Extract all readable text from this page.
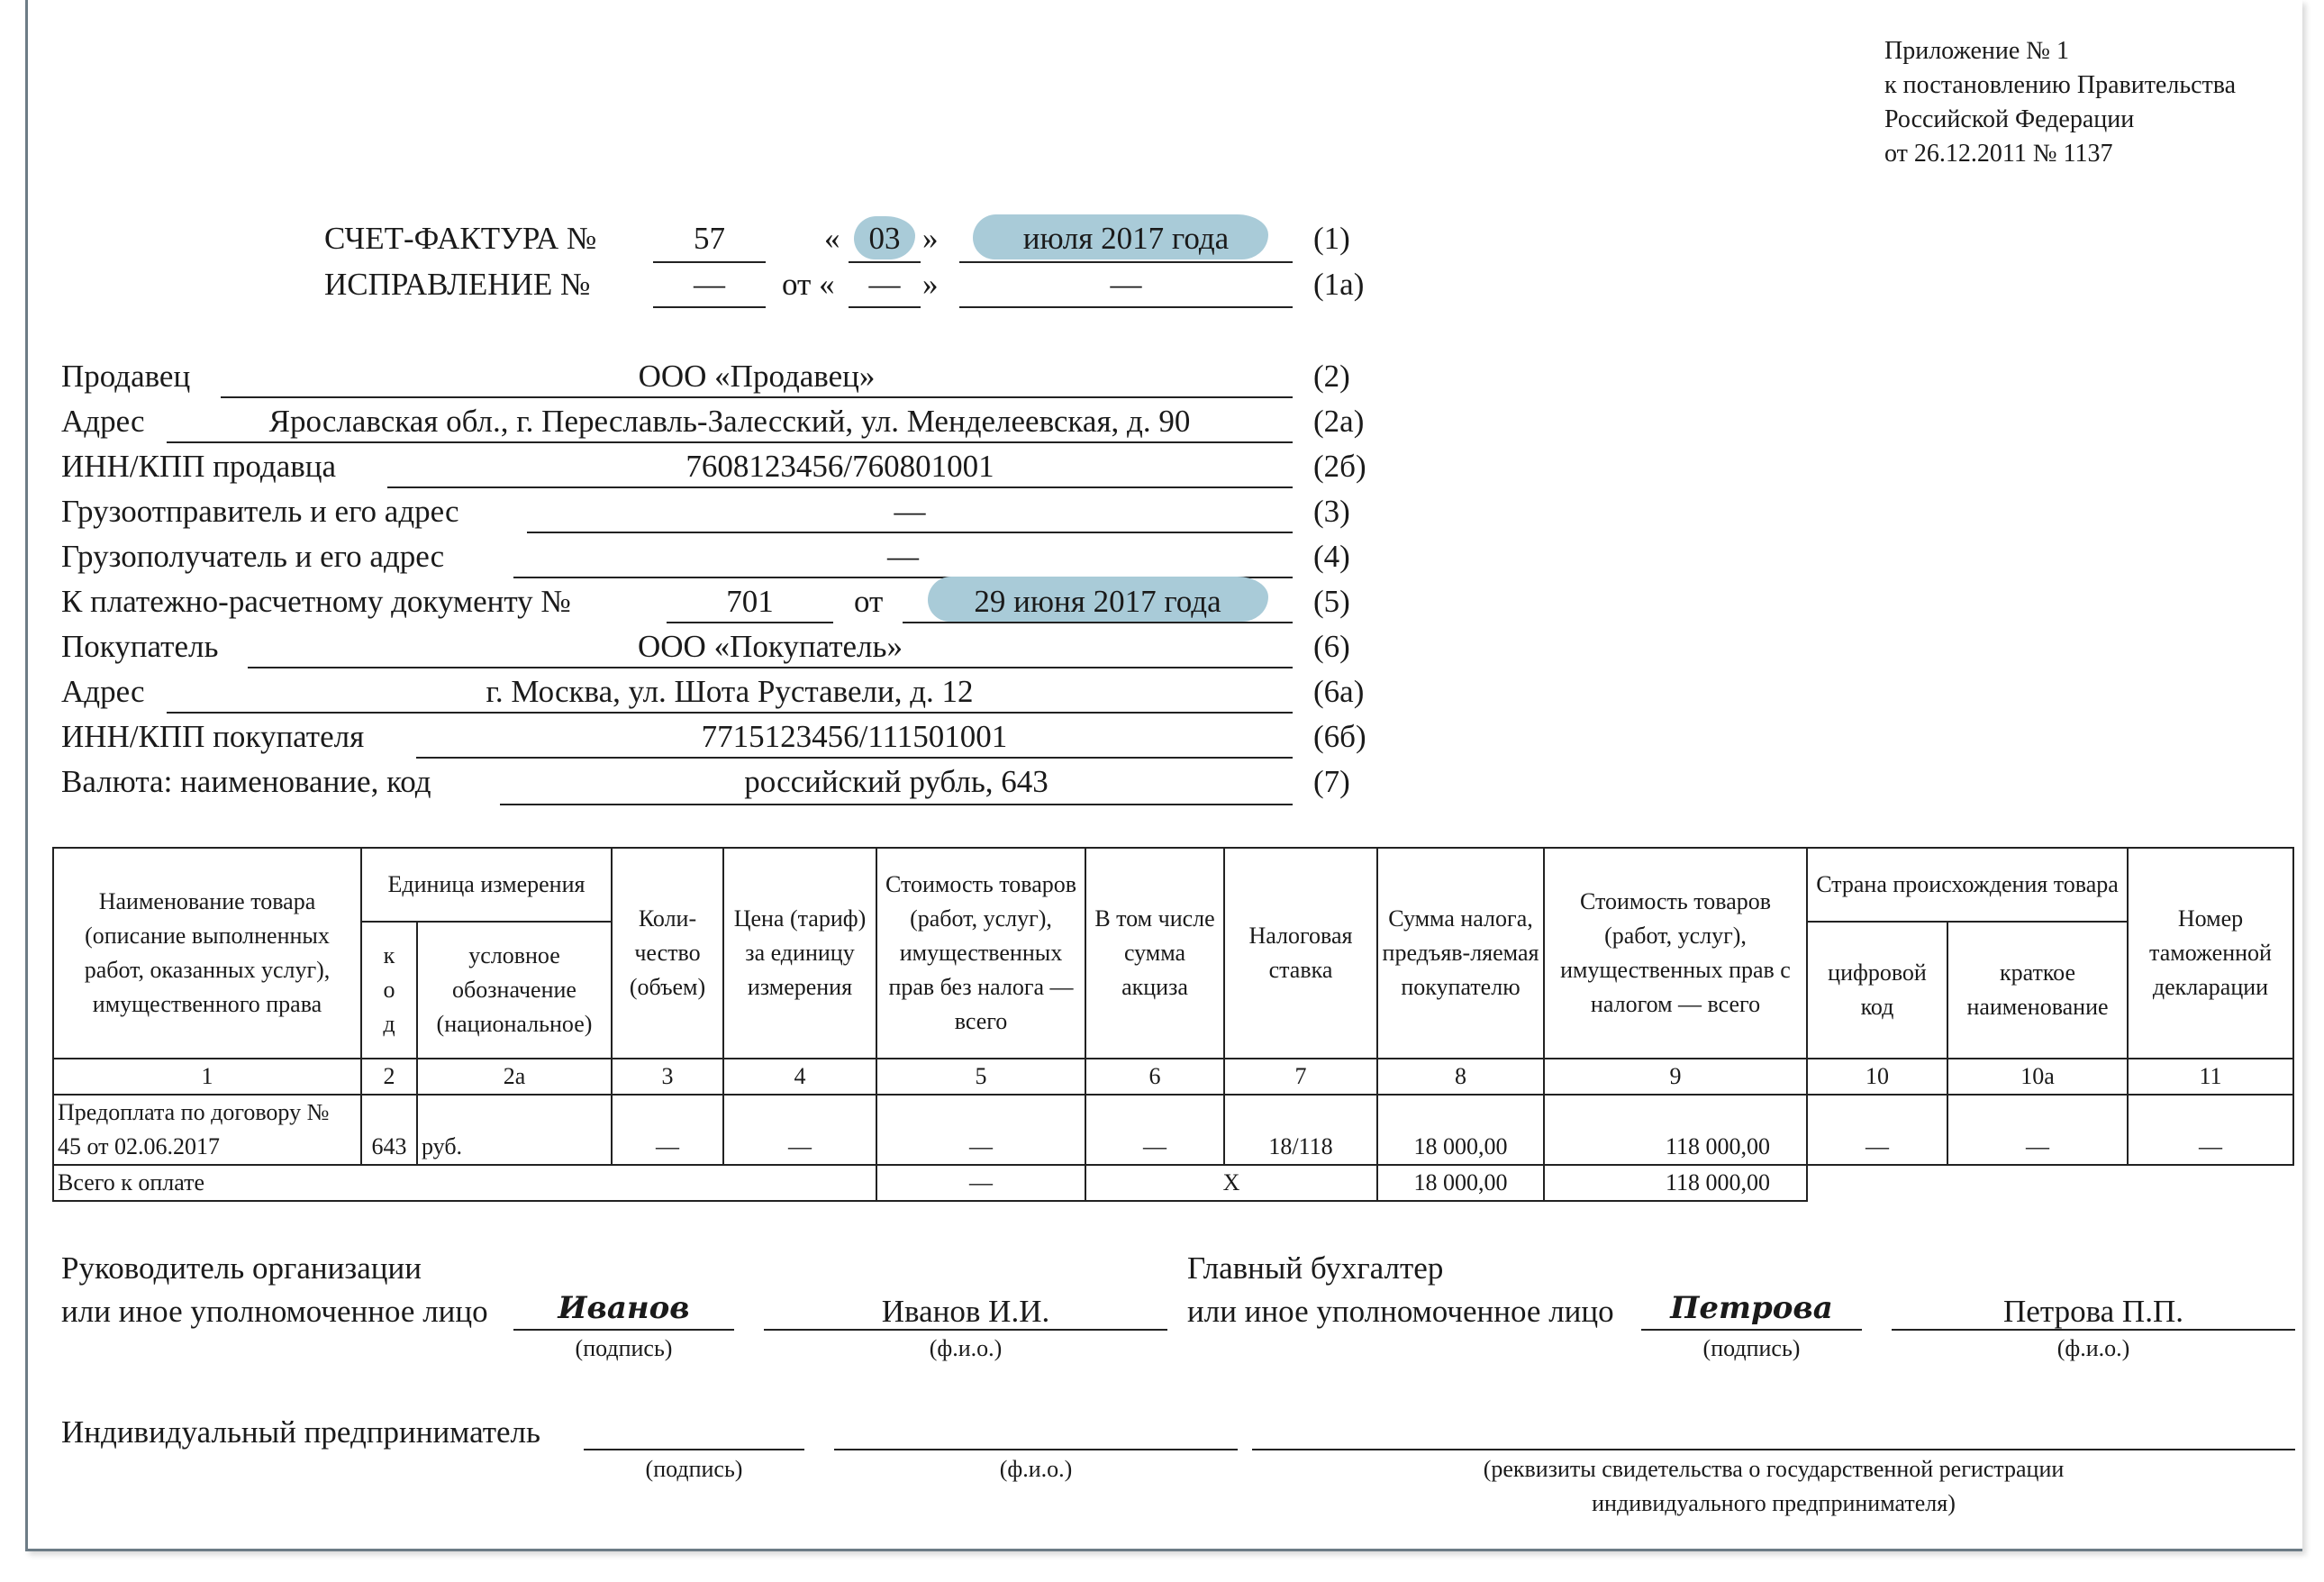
Приложение № 1
к постановлению Правительства
Российской Федерации
от 26.12.2011 № 1137
СЧЕТ-ФАКТУРА №	57	« 03 »	июля 2017 года	(1)
ИСПРАВЛЕНИЕ №	—	от «	— »	—	(1а)
Продавец	ООО «Продавец»	(2)
Адрес	Ярославская обл., г. Переславль-Залесский, ул. Менделеевская, д. 90	(2а)
ИНН/КПП продавца	7608123456/760801001	(2б)
Грузоотправитель и его адрес	—	(3)
Грузополучатель и его адрес	—	(4)
К платежно-расчетному документу №	701	от	29 июня 2017 года	(5)
Покупатель	ООО «Покупатель»	(6)
Адрес	г. Москва, ул. Шота Руставели, д. 12	(6а)
ИНН/КПП покупателя	7715123456/111501001	(6б)
Валюта: наименование, код	российский рубль, 643	(7)
Наименование товара (описание выполненных работ, оказанных услуг), имущественного права	Единица измерения		Коли-чество (объем)	Цена (тариф) за единицу измерения	Стоимость товаров (работ, услуг), имущественных прав без налога — всего	В том числе сумма акциза	Налоговая ставка	Сумма налога, предъяв-ляемая покупателю	Стоимость товаров (работ, услуг), имущественных прав с налогом — всего	Страна происхождения товара		Номер таможенной декларации
	к о д	условное обозначение (национальное)								цифровой код	краткое наименование	
1	2	2а	3	4	5	6	7	8	9	10	10а	11
Предоплата по договору № 45 от 02.06.2017	643	руб.	—	—	—	—	18/118	18 000,00	118 000,00	—	—	—
Всего к оплате					—	X		18 000,00	118 000,00			
Руководитель организации
или иное уполномоченное лицо	Иванов
(подпись)
Иванов И.И.
(ф.и.о.)
Главный бухгалтер
или иное уполномоченное лицо	Петрова
(подпись)
Петрова П.П.
(ф.и.о.)
Индивидуальный предприниматель
(подпись)	(ф.и.о.)	(реквизиты свидетельства о государственной регистрации
индивидуального предпринимателя)
